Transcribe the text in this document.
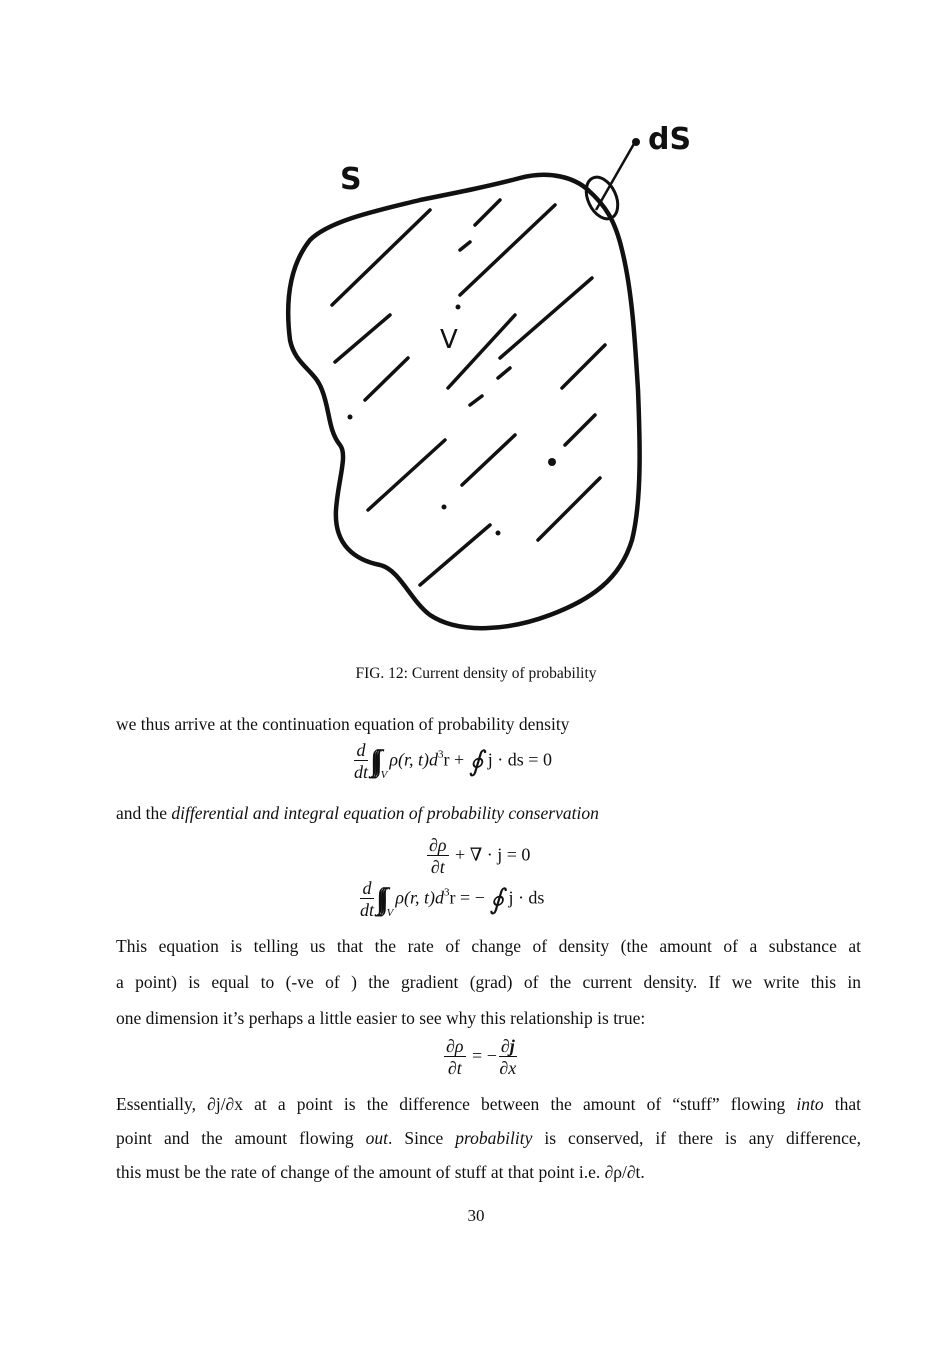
S
V
dS
FIG. 12: Current density of probability
we thus arrive at the continuation equation of probability density
$\frac{d}{dt}$ ∫∫∫ $_V$ρ(r, $t)d^3r$ + ∮ j · ds = 0
and the differential and integral equation of probability conservation
$\frac{\partial\rho}{\partial t}$ + ∇ · j = 0
$\frac{d}{dt}$ ∫∫∫ $_V$ρ(r, $t)d^3r$ = − ∮ j · ds
This equation is telling us that the rate of change of density (the amount of a substance at
a point) is equal to (-ve of ) the gradient (grad) of the current density. If we write this in
one dimension it’s perhaps a little easier to see why this relationship is true:
$\frac{\partial\rho}{\partial t}$ = − $\frac{\partial j}{\partial x}$
Essentially, ∂j/∂x at a point is the difference between the amount of “stuff” flowing into that
point and the amount flowing out. Since probability is conserved, if there is any difference,
this must be the rate of change of the amount of stuff at that point i.e. ∂ρ/∂t.
30
